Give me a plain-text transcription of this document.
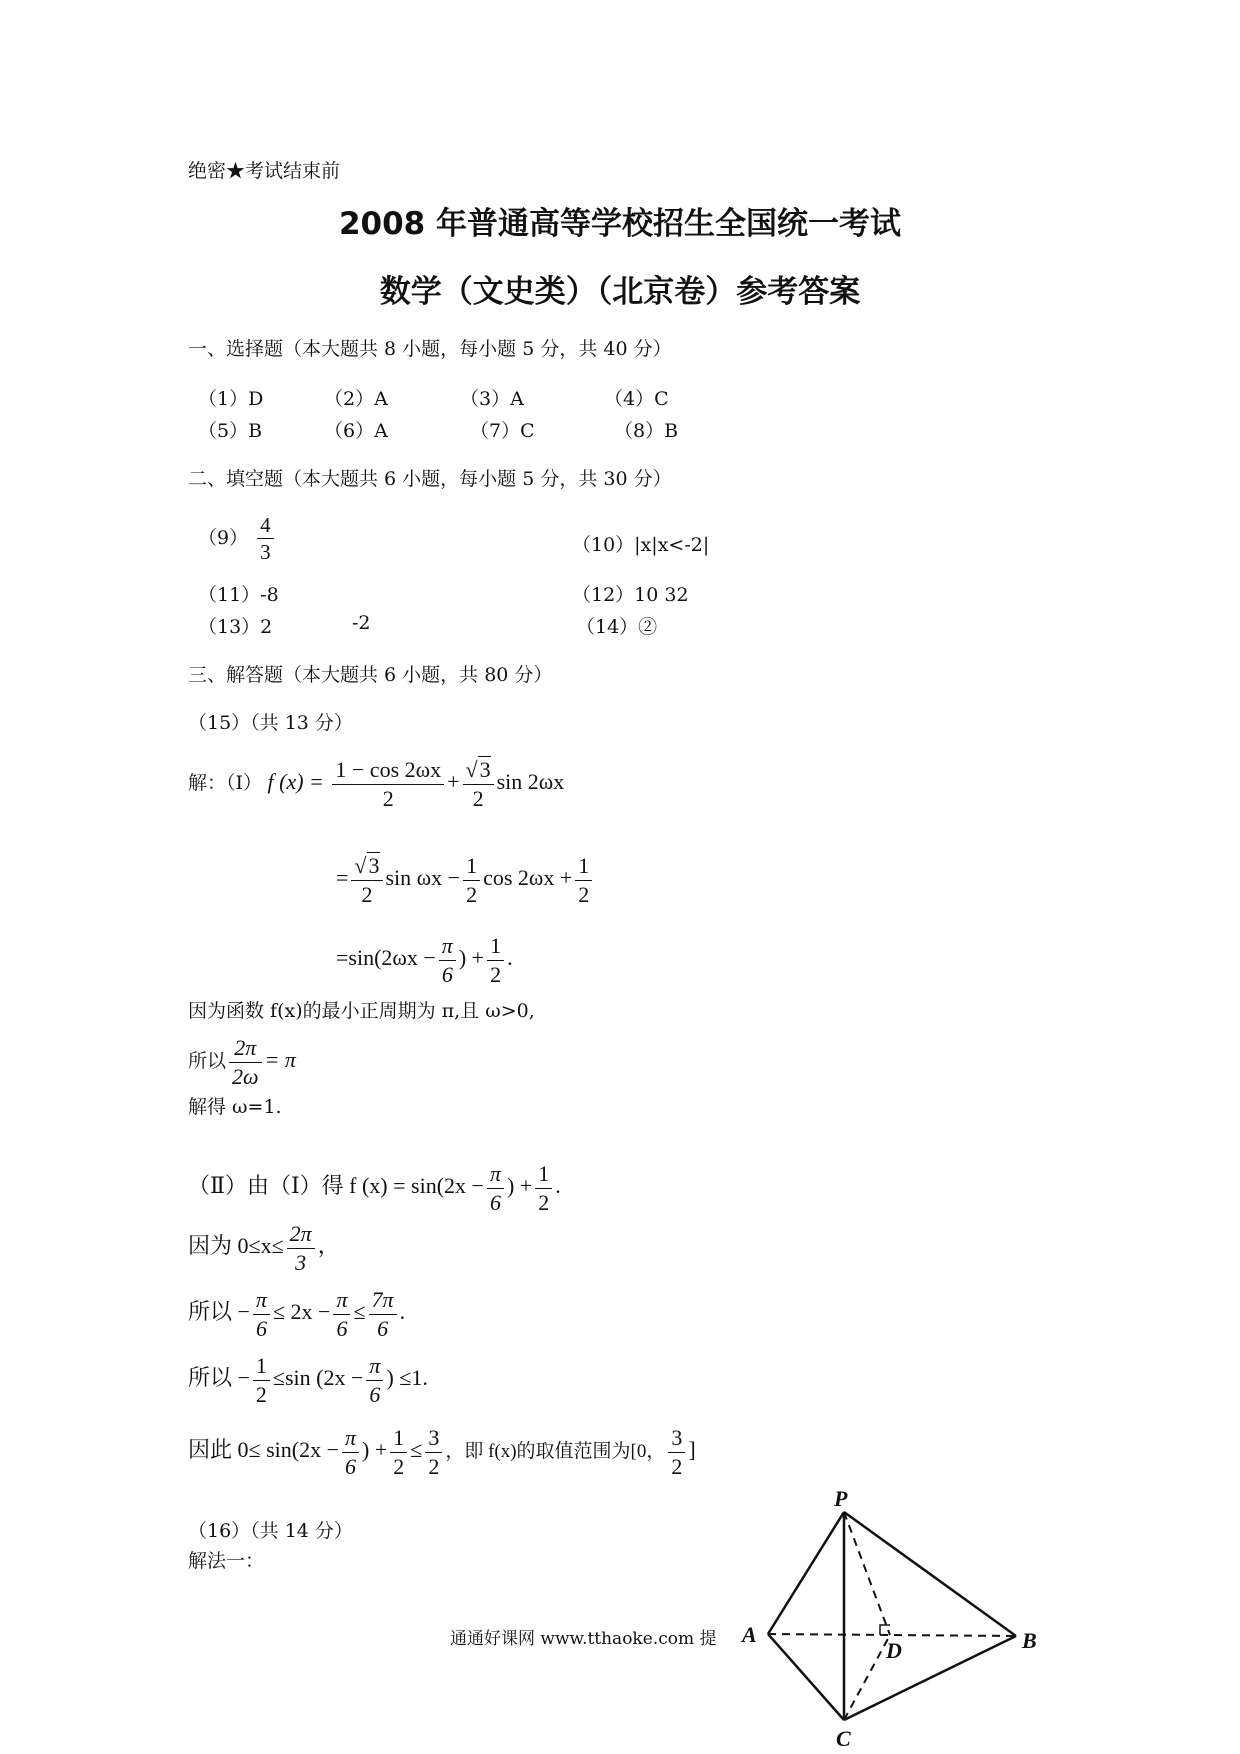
绝密★考试结束前
2008 年普通高等学校招生全国统一考试
数学（文史类）（北京卷）参考答案
一、选择题（本大题共 8 小题，每小题 5 分，共 40 分）
（1）D	（2）A	（3）A	（4）C
（5）B	（6）A	（7）C	（8）B
二、填空题（本大题共 6 小题，每小题 5 分，共 30 分）
$(9) \frac{4}{3}$	（10）|x|x<-2|
（11）-8	（12）10 32
（13）2	-2	（14）②
三、解答题（本大题共 6 小题，共 80 分）
（15）（共 13 分）
解：（Ⅰ） f $(x) = \frac{1 - \cos 2\omega x}{2} + \frac{√3}{2}$ sin 2ωx
= $\frac{√3}{2}$ $\sin \omega x - \frac{1}{2}$ $\cos 2\omega x + \frac{1}{2}$
$=\sin(2\omega x - \frac{\pi}{6}$ ) + $\frac{1}{2}$ .
因为函数 f(x)的最小正周期为 π,且 ω>0,
所以 $\frac{2\pi}{2\omega} = \pi$
解得 ω=1.
（Ⅱ）由（Ⅰ）得 f $(x) = \sin(2x - \frac{\pi}{6}$ ) + $\frac{1}{2}$ .
因为 $0\le x\le \frac{2\pi}{3}$ ，
所以 − $\frac{\pi}{6} \le 2x - \frac{\pi}{6} \le \frac{7\pi}{6}$ .
所以 − $\frac{1}{2} \le\sin$ ($2x - \frac{\pi}{6}$ ) ≤1.
因此 $0\le \sin(2x - \frac{\pi}{6}$ ) + $\frac{1}{2} \le \frac{3}{2}$ ，即 f(x)的取值范围为[0， $\frac{3}{2}$ ]
（16）（共 14 分）
解法一：
P
A	B
C
D
通通好课网 www.tthaoke.com 提
